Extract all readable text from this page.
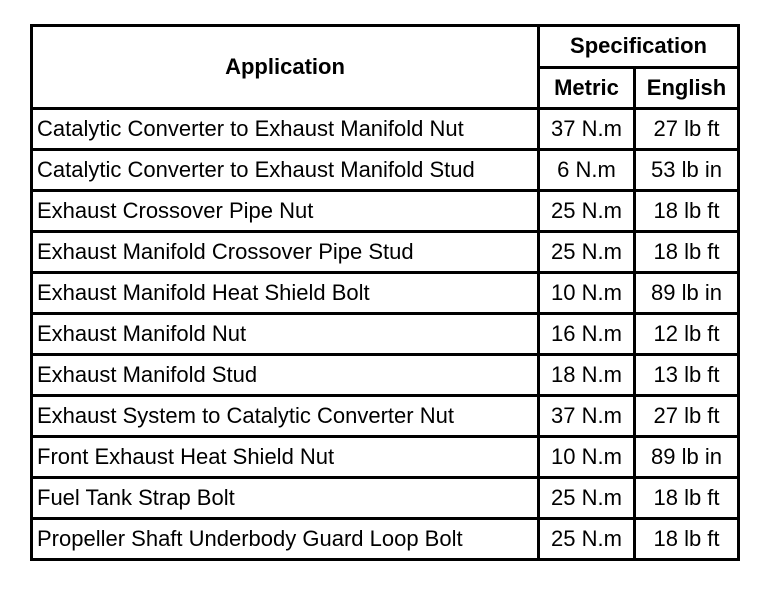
Application	Specification	
	Metric	English
Catalytic Converter to Exhaust Manifold Nut	37 N.m	27 lb ft
Catalytic Converter to Exhaust Manifold Stud	6 N.m	53 lb in
Exhaust Crossover Pipe Nut	25 N.m	18 lb ft
Exhaust Manifold Crossover Pipe Stud	25 N.m	18 lb ft
Exhaust Manifold Heat Shield Bolt	10 N.m	89 lb in
Exhaust Manifold Nut	16 N.m	12 lb ft
Exhaust Manifold Stud	18 N.m	13 lb ft
Exhaust System to Catalytic Converter Nut	37 N.m	27 lb ft
Front Exhaust Heat Shield Nut	10 N.m	89 lb in
Fuel Tank Strap Bolt	25 N.m	18 lb ft
Propeller Shaft Underbody Guard Loop Bolt	25 N.m	18 lb ft
